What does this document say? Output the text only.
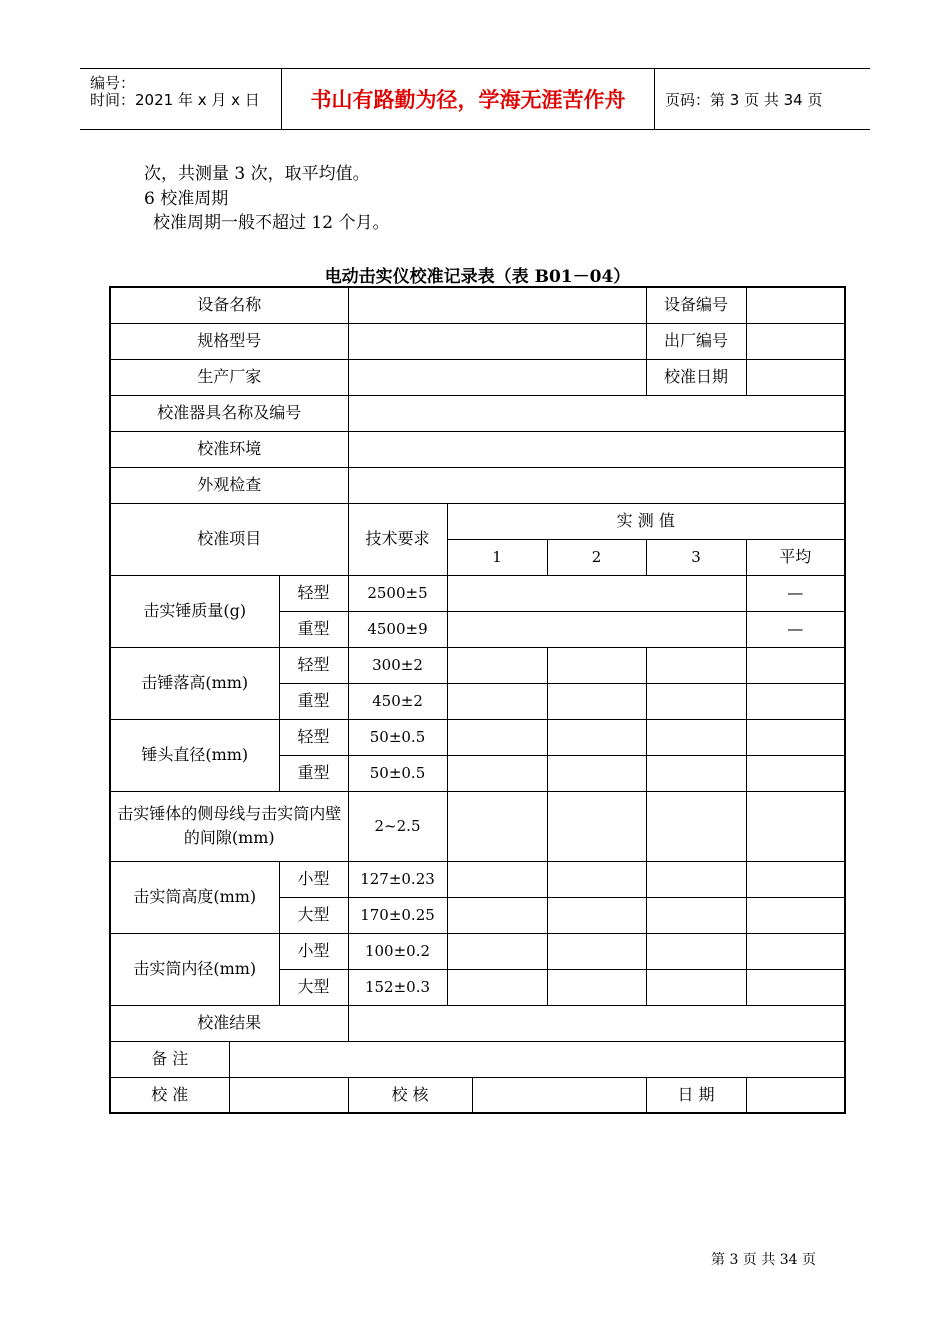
编号：
时间：2021 年 x 月 x 日	书山有路勤为径，学海无涯苦作舟	页码：第 3 页 共 34 页
次，共测量 3 次，取平均值。
6 校准周期
校准周期一般不超过 12 个月。
电动击实仪校准记录表（表 B01－04）
设备名称							设备编号	
规格型号							出厂编号	
生产厂家							校准日期	
校准器具名称及编号								
校准环境								
外观检查								
校准项目			技术要求	实 测 值				
				1		2	3	平均
击实锤质量(g)		轻型	2500±5					—
		重型	4500±9					—
击锤落高(mm)		轻型	300±2					
		重型	450±2					
锤头直径(mm)		轻型	50±0.5					
		重型	50±0.5					
击实锤体的侧母线与击实筒内壁的间隙(mm)			2~2.5					
击实筒高度(mm)		小型	127±0.23					
		大型	170±0.25					
击实筒内径(mm)		小型	100±0.2					
		大型	152±0.3					
校准结果								
备 注								
校 准			校 核				日 期	
第 3 页 共 34 页
